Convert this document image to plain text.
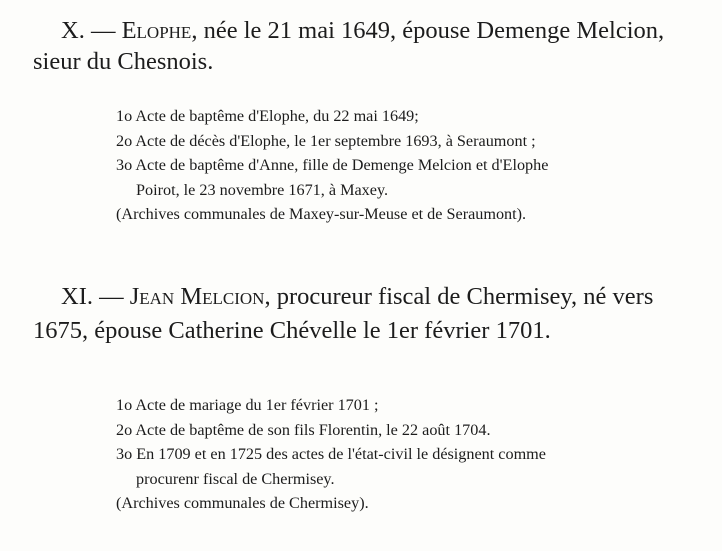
X. — Elophe, née le 21 mai 1649, épouse Demenge Melcion, sieur du Chesnois.
1o Acte de baptême d'Elophe, du 22 mai 1649;
2o Acte de décès d'Elophe, le 1er septembre 1693, à Seraumont ;
3o Acte de baptême d'Anne, fille de Demenge Melcion et d'Elophe
Poirot, le 23 novembre 1671, à Maxey.
(Archives communales de Maxey-sur-Meuse et de Seraumont).
XI. — Jean Melcion, procureur fiscal de Chermisey, né vers 1675, épouse Catherine Chévelle le 1er février 1701.
1o Acte de mariage du 1er février 1701 ;
2o Acte de baptême de son fils Florentin, le 22 août 1704.
3o En 1709 et en 1725 des actes de l'état-civil le désignent comme
procurenr fiscal de Chermisey.
(Archives communales de Chermisey).
